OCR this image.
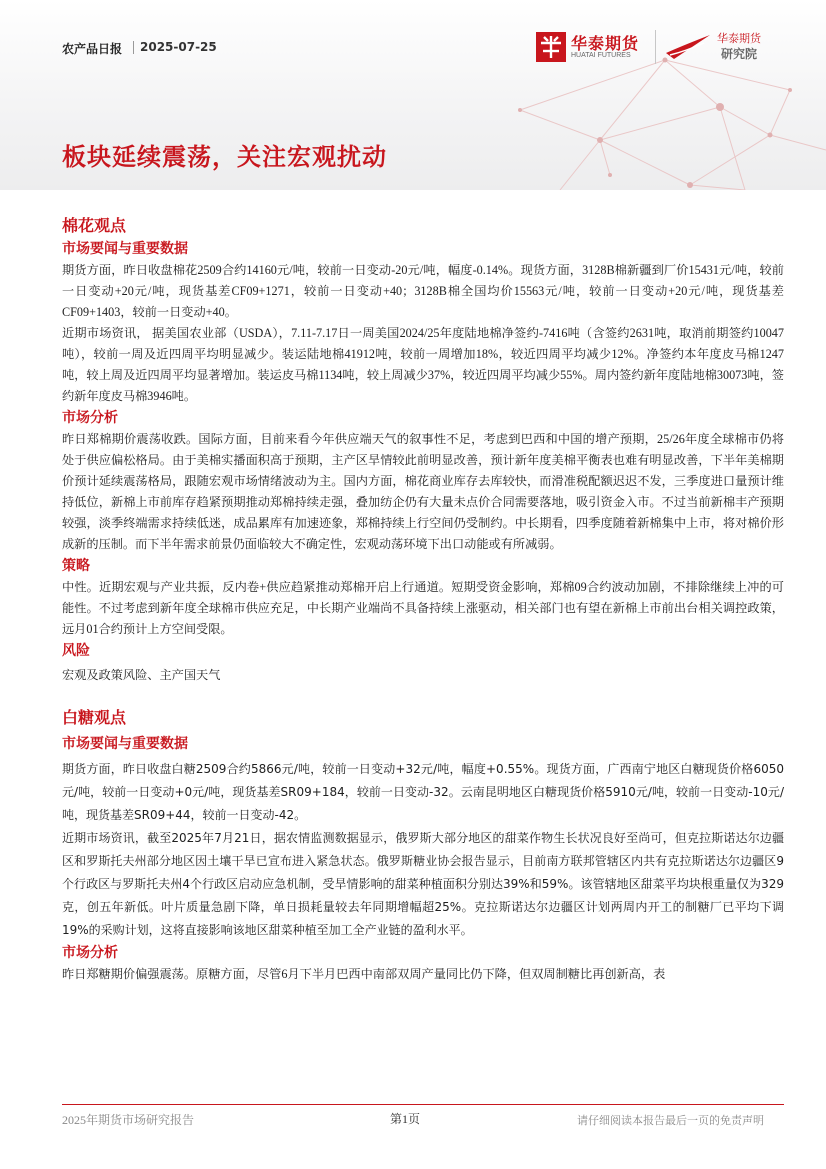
农产品日报 2025-07-25	华泰期货
HUATAI FUTURES
华泰期货
研究院
板块延续震荡，关注宏观扰动
棉花观点
市场要闻与重要数据

期货方面，昨日收盘棉花2509合约14160元/吨，较前一日变动-20元/吨，幅度-0.14%。现货方面，3128B棉新疆到厂价15431元/吨，较前一日变动+20元/吨，现货基差CF09+1271，较前一日变动+40；3128B棉全国均价15563元/吨，较前一日变动+20元/吨，现货基差CF09+1403，较前一日变动+40。

近期市场资讯， 据美国农业部（USDA），7.11-7.17日一周美国2024/25年度陆地棉净签约-7416吨（含签约2631吨，取消前期签约10047吨），较前一周及近四周平均明显减少。装运陆地棉41912吨，较前一周增加18%，较近四周平均减少12%。净签约本年度皮马棉1247吨，较上周及近四周平均显著增加。装运皮马棉1134吨，较上周减少37%，较近四周平均减少55%。周内签约新年度陆地棉30073吨，签约新年度皮马棉3946吨。

市场分析

昨日郑棉期价震荡收跌。国际方面，目前来看今年供应端天气的叙事性不足，考虑到巴西和中国的增产预期，25/26年度全球棉市仍将处于供应偏松格局。由于美棉实播面积高于预期，主产区旱情较此前明显改善，预计新年度美棉平衡表也难有明显改善，下半年美棉期价预计延续震荡格局，跟随宏观市场情绪波动为主。国内方面，棉花商业库存去库较快，而滑准税配额迟迟不发，三季度进口量预计维持低位，新棉上市前库存趋紧预期推动郑棉持续走强，叠加纺企仍有大量未点价合同需要落地，吸引资金入市。不过当前新棉丰产预期较强，淡季终端需求持续低迷，成品累库有加速迹象，郑棉持续上行空间仍受制约。中长期看，四季度随着新棉集中上市，将对棉价形成新的压制。而下半年需求前景仍面临较大不确定性，宏观动荡环境下出口动能或有所减弱。

策略

中性。近期宏观与产业共振，反内卷+供应趋紧推动郑棉开启上行通道。短期受资金影响，郑棉09合约波动加剧，不排除继续上冲的可能性。不过考虑到新年度全球棉市供应充足，中长期产业端尚不具备持续上涨驱动，相关部门也有望在新棉上市前出台相关调控政策，远月01合约预计上方空间受限。

风险

宏观及政策风险、主产国天气

白糖观点
市场要闻与重要数据

期货方面，昨日收盘白糖2509合约5866元/吨，较前一日变动+32元/吨，幅度+0.55%。现货方面，广西南宁地区白糖现货价格6050元/吨，较前一日变动+0元/吨，现货基差SR09+184，较前一日变动-32。云南昆明地区白糖现货价格5910元/吨，较前一日变动-10元/吨，现货基差SR09+44，较前一日变动-42。

近期市场资讯，截至2025年7月21日，据农情监测数据显示，俄罗斯大部分地区的甜菜作物生长状况良好至尚可，但克拉斯诺达尔边疆区和罗斯托夫州部分地区因土壤干旱已宣布进入紧急状态。俄罗斯糖业协会报告显示，目前南方联邦管辖区内共有克拉斯诺达尔边疆区9个行政区与罗斯托夫州4个行政区启动应急机制，受旱情影响的甜菜种植面积分别达39%和59%。该管辖地区甜菜平均块根重量仅为329克，创五年新低。叶片质量急剧下降，单日损耗量较去年同期增幅超25%。克拉斯诺达尔边疆区计划两周内开工的制糖厂已平均下调19%的采购计划，这将直接影响该地区甜菜种植至加工全产业链的盈利水平。

市场分析

昨日郑糖期价偏强震荡。原糖方面，尽管6月下半月巴西中南部双周产量同比仍下降，但双周制糖比再创新高，表

2025年期货市场研究报告	第1页	请仔细阅读本报告最后一页的免责声明
